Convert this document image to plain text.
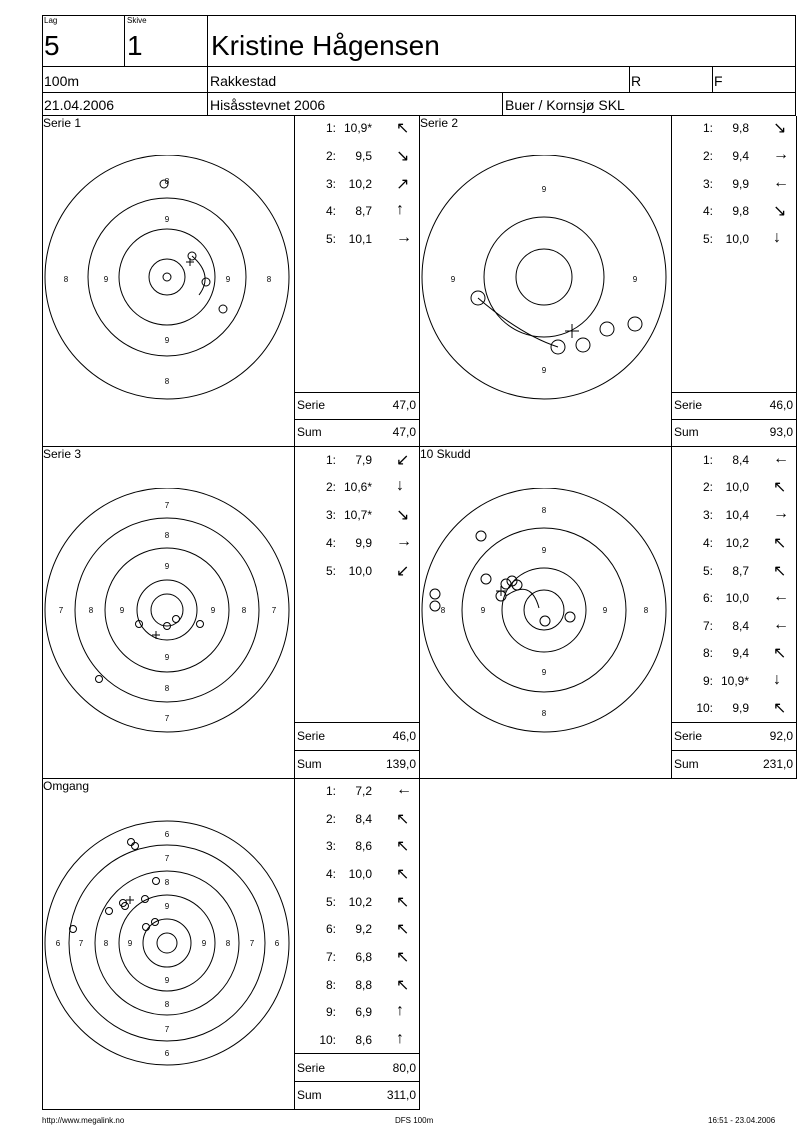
Lag
5
Skive
1 Kristine Hågensen
100m	Rakkestad	R	F
21.04.2006	Hisåsstevnet 2006	Buer / Kornsjø SKL
Serie 1	Serie 2
Serie 3	10 Skudd
Omgang
8
8
8	8
9
9
9	9
9
9
9	9
7
7
7	7
8
8
8	8
9
9
9	9
8
8
8	8
9
9
9	9
6
6
6	6
7
7
7	7
8
8
8	8
9
9
9	9
1: 10,9* ↖
2: 9,5 ↘
3: 10,2 ↗
4: 8,7 ↑
5: 10,1 →
Serie	47,0
Sum	47,0
1: 9,8 ↘
2: 9,4 →
3: 9,9 ←
4: 9,8 ↘
5: 10,0 ↓
Serie	46,0
Sum	93,0
1: 7,9 ↙
2: 10,6* ↓
3: 10,7* ↘
4: 9,9 →
5: 10,0 ↙
Serie	46,0
Sum	139,0
1: 8,4 ←
2: 10,0 ↖
3: 10,4 →
4: 10,2 ↖
5: 8,7 ↖
6: 10,0 ←
7: 8,4 ←
8: 9,4 ↖
9: 10,9* ↓
10: 9,9 ↖
Serie	92,0
Sum	231,0
1: 7,2 ←
2: 8,4 ↖
3: 8,6 ↖
4: 10,0 ↖
5: 10,2 ↖
6: 9,2 ↖
7: 6,8 ↖
8: 8,8 ↖
9: 6,9 ↑
10: 8,6 ↑
Serie	80,0
Sum	311,0
http://www.megalink.no	DFS 100m	16:51 - 23.04.2006
